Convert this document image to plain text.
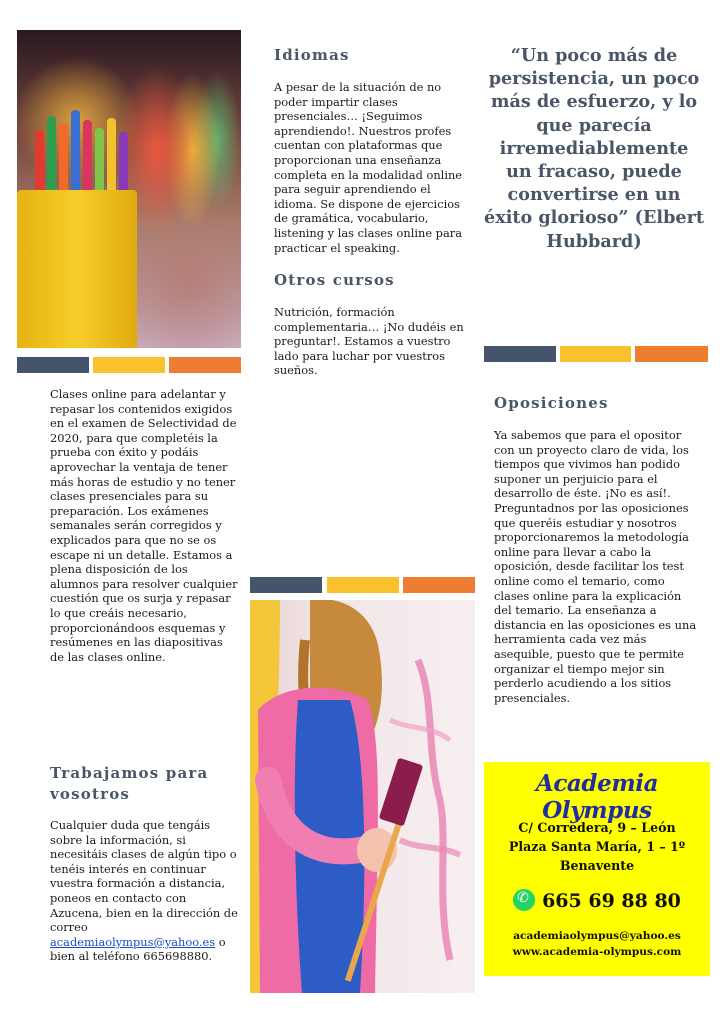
Clases online para adelantar y repasar los contenidos exigidos en el examen de Selectividad de 2020, para que completéis la prueba con éxito y podáis aprovechar la ventaja de tener más horas de estudio y no tener clases presenciales para su preparación. Los exámenes semanales serán corregidos y explicados para que no se os escape ni un detalle. Estamos a plena disposición de los alumnos para resolver cualquier cuestión que os surja y repasar lo que creáis necesario, proporcionándoos esquemas y resúmenes en las diapositivas de las clases online.

Trabajamos para vosotros

Cualquier duda que tengáis sobre la información, si necesitáis clases de algún tipo o tenéis interés en continuar vuestra formación a distancia, poneos en contacto con Azucena, bien en la dirección de correo academiaolympus@yahoo.es o bien al teléfono 665698880.

Idiomas

A pesar de la situación de no poder impartir clases presenciales… ¡Seguimos aprendiendo!. Nuestros profes cuentan con plataformas que proporcionan una enseñanza completa en la modalidad online para seguir aprendiendo el idioma. Se dispone de ejercicios de gramática, vocabulario, listening y las clases online para practicar el speaking.

Otros cursos

Nutrición, formación complementaria… ¡No dudéis en preguntar!. Estamos a vuestro lado para luchar por vuestros sueños.

“Un poco más de persistencia, un poco más de esfuerzo, y lo que parecía irremediablemente un fracaso, puede convertirse en un éxito glorioso” (Elbert Hubbard)

Oposiciones

Ya sabemos que para el opositor con un proyecto claro de vida, los tiempos que vivimos han podido suponer un perjuicio para el desarrollo de éste. ¡No es así!. Preguntadnos por las oposiciones que queréis estudiar y nosotros proporcionaremos la metodología online para llevar a cabo la oposición, desde facilitar los test online como el temario, como clases online para la explicación del temario. La enseñanza a distancia en las oposiciones es una herramienta cada vez más asequible, puesto que te permite organizar el tiempo mejor sin perderlo acudiendo a los sitios presenciales.

Academia Olympus
C/ Corredera, 9 – León
Plaza Santa María, 1 – 1º
Benavente
✆665 69 88 80
academiaolympus@yahoo.es
www.academia-olympus.com
